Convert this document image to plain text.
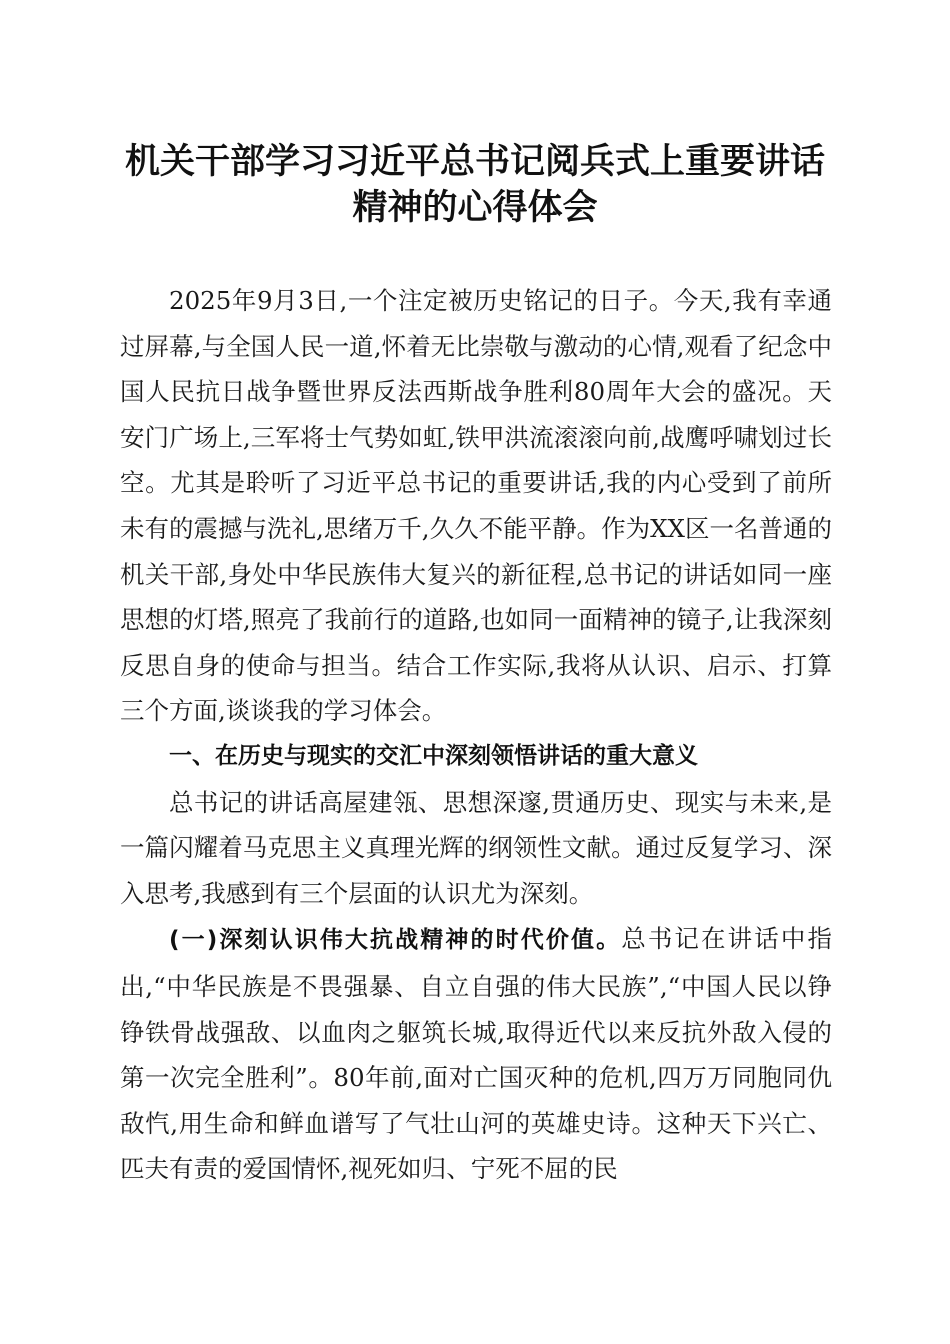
机关干部学习习近平总书记阅兵式上重要讲话
精神的心得体会

2025年9月3日,一个注定被历史铭记的日子。今天,我有幸通过屏幕,与全国人民一道,怀着无比崇敬与激动的心情,观看了纪念中国人民抗日战争暨世界反法西斯战争胜利80周年大会的盛况。天安门广场上,三军将士气势如虹,铁甲洪流滚滚向前,战鹰呼啸划过长空。尤其是聆听了习近平总书记的重要讲话,我的内心受到了前所未有的震撼与洗礼,思绪万千,久久不能平静。作为XX区一名普通的机关干部,身处中华民族伟大复兴的新征程,总书记的讲话如同一座思想的灯塔,照亮了我前行的道路,也如同一面精神的镜子,让我深刻反思自身的使命与担当。结合工作实际,我将从认识、启示、打算三个方面,谈谈我的学习体会。

一、在历史与现实的交汇中深刻领悟讲话的重大意义

总书记的讲话高屋建瓴、思想深邃,贯通历史、现实与未来,是一篇闪耀着马克思主义真理光辉的纲领性文献。通过反复学习、深入思考,我感到有三个层面的认识尤为深刻。

(一)深刻认识伟大抗战精神的时代价值。总书记在讲话中指出,“中华民族是不畏强暴、自立自强的伟大民族”,“中国人民以铮铮铁骨战强敌、以血肉之躯筑长城,取得近代以来反抗外敌入侵的第一次完全胜利”。80年前,面对亡国灭种的危机,四万万同胞同仇敌忾,用生命和鲜血谱写了气壮山河的英雄史诗。这种天下兴亡、匹夫有责的爱国情怀,视死如归、宁死不屈的民
